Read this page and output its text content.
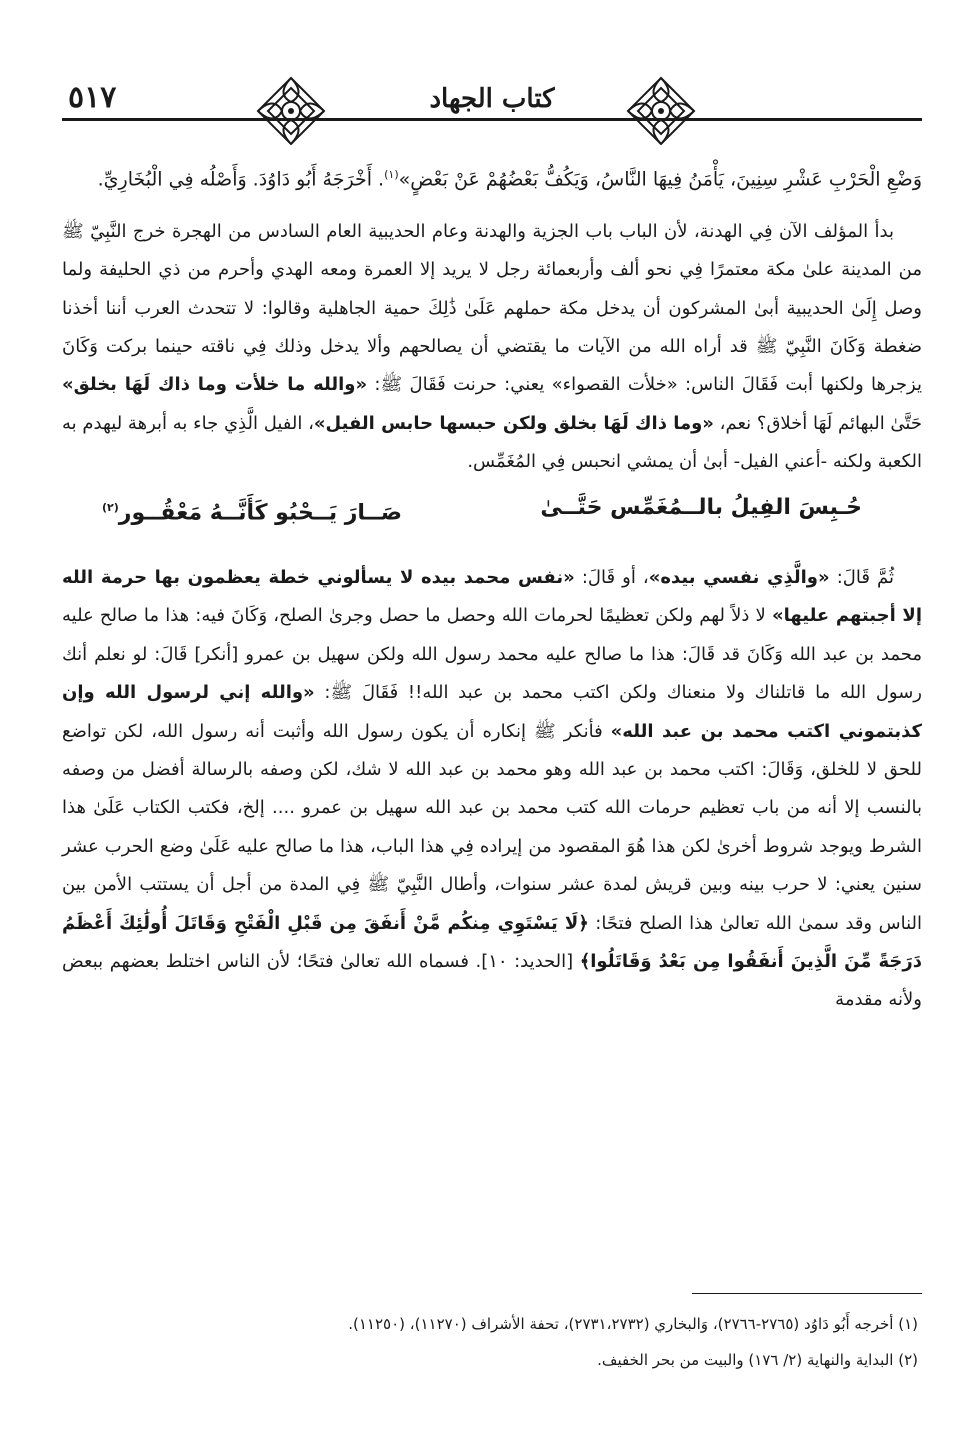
٥١٧	كتاب الجهاد

وَضْعِ الْحَرْبِ عَشْرِ سِنِينَ، يَأْمَنُ فِيهَا النَّاسُ، وَيَكُفُّ بَعْضُهُمْ عَنْ بَعْضٍ»$^{(١)}$. أَخْرَجَهُ أَبُو دَاوُدَ. وَأَصْلُه فِي الْبُخَارِيِّ.

بدأ المؤلف الآن فِي الهدنة، لأن الباب باب الجزية والهدنة وعام الحديبية العام السادس من الهجرة خرج النَّبِيّ ﷺ من المدينة علىٰ مكة معتمرًا فِي نحو ألف وأربعمائة رجل لا يريد إلا العمرة ومعه الهدي وأحرم من ذي الحليفة ولما وصل إِلَىٰ الحديبية أبىٰ المشركون أن يدخل مكة حملهم عَلَىٰ ذَٰلِكَ حمية الجاهلية وقالوا: لا تتحدث العرب أننا أخذنا ضغطة وَكَانَ النَّبِيّ ﷺ قد أراه الله من الآيات ما يقتضي أن يصالحهم وألا يدخل وذلك فِي ناقته حينما بركت وَكَانَ يزجرها ولكنها أبت فَقَالَ الناس: «خلأت القصواء» يعني: حرنت فَقَالَ ﷺ: «والله ما خلأت وما ذاك لَهَا بخلق» حَتَّىٰ البهائم لَهَا أخلاق؟ نعم، «وما ذاك لَهَا بخلق ولكن حبسها حابس الفيل»، الفيل الَّذِي جاء به أبرهة ليهدم به الكعبة ولكنه -أعني الفيل- أبىٰ أن يمشي انحبس فِي المُغَمِّس.

حُـبِسَ الفِيلُ بالــمُغَمِّس حَتَّــىٰ
صَــارَ يَــحْبُو كَأَنَّــهُ مَعْقُــور$^{(٢)}$

ثُمَّ قَالَ: «والَّذِي نفسي بيده»، أو قَالَ: «نفس محمد بيده لا يسألوني خطة يعظمون بها حرمة الله إلا أجبتهم عليها» لا ذلاً لهم ولكن تعظيمًا لحرمات الله وحصل ما حصل وجرىٰ الصلح، وَكَانَ فيه: هذا ما صالح عليه محمد بن عبد الله وَكَانَ قد قَالَ: هذا ما صالح عليه محمد رسول الله ولكن سهيل بن عمرو [أنكر] قَالَ: لو نعلم أنك رسول الله ما قاتلناك ولا منعناك ولكن اكتب محمد بن عبد الله!! فَقَالَ ﷺ: «والله إني لرسول الله وإن كذبتموني اكتب محمد بن عبد الله» فأنكر ﷺ إنكاره أن يكون رسول الله وأثبت أنه رسول الله، لكن تواضع للحق لا للخلق، وَقَالَ: اكتب محمد بن عبد الله وهو محمد بن عبد الله لا شك، لكن وصفه بالرسالة أفضل من وصفه بالنسب إلا أنه من باب تعظيم حرمات الله كتب محمد بن عبد الله سهيل بن عمرو .... إلخ، فكتب الكتاب عَلَىٰ هذا الشرط ويوجد شروط أخرىٰ لكن هذا هُوَ المقصود من إيراده فِي هذا الباب، هذا ما صالح عليه عَلَىٰ وضع الحرب عشر سنين يعني: لا حرب بينه وبين قريش لمدة عشر سنوات، وأطال النَّبِيّ ﷺ فِي المدة من أجل أن يستتب الأمن بين الناس وقد سمىٰ الله تعالىٰ هذا الصلح فتحًا: ﴿لَا يَسْتَوِي مِنكُم مَّنْ أَنفَقَ مِن قَبْلِ الْفَتْحِ وَقَاتَلَ أُولَٰئِكَ أَعْظَمُ دَرَجَةً مِّنَ الَّذِينَ أَنفَقُوا مِن بَعْدُ وَقَاتَلُوا﴾ [الحديد: ١٠]. فسماه الله تعالىٰ فتحًا؛ لأن الناس اختلط بعضهم ببعض ولأنه مقدمة

(١) أخرجه أَبُو دَاوُد (٢٧٦٥-٢٧٦٦)، وَالبخاري (٢٧٣١،٢٧٣٢)، تحفة الأشراف (١١٢٧٠)، (١١٢٥٠).

(٢) البداية والنهاية (٢/ ١٧٦) والبيت من بحر الخفيف.
